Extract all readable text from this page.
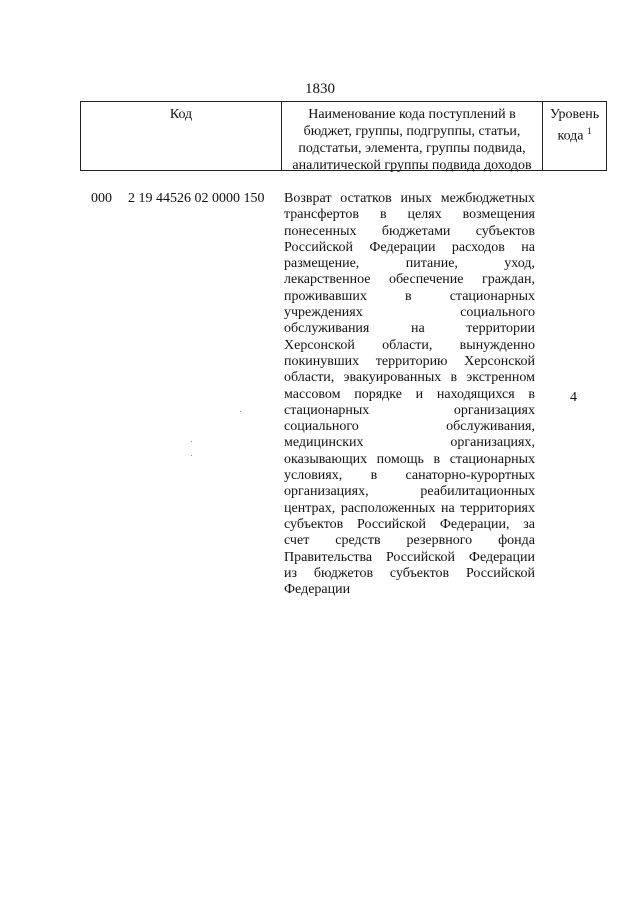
1830
Код	Наименование кода поступлений в
бюджет, группы, подгруппы, статьи,
подстатьи, элемента, группы подвида,
аналитической группы подвида доходов
Уровень
кода $^1$
000 2 19 44526 02 0000 150 Возврат остатков иных межбюджетных
трансфертов в целях возмещения
понесенных бюджетами субъектов
Российской Федерации расходов на
размещение, питание, уход,
лекарственное обеспечение граждан,
проживавших в стационарных
учреждениях социального
обслуживания на территории
Херсонской области, вынужденно
покинувших территорию Херсонской
области, эвакуированных в экстренном
массовом порядке и находящихся в
стационарных организациях
социального обслуживания,
медицинских организациях,
оказывающих помощь в стационарных
условиях, в санаторно-курортных
организациях, реабилитационных
центрах, расположенных на территориях
субъектов Российской Федерации, за
счет средств резервного фонда
Правительства Российской Федерации
из бюджетов субъектов Российской
Федерации
4
